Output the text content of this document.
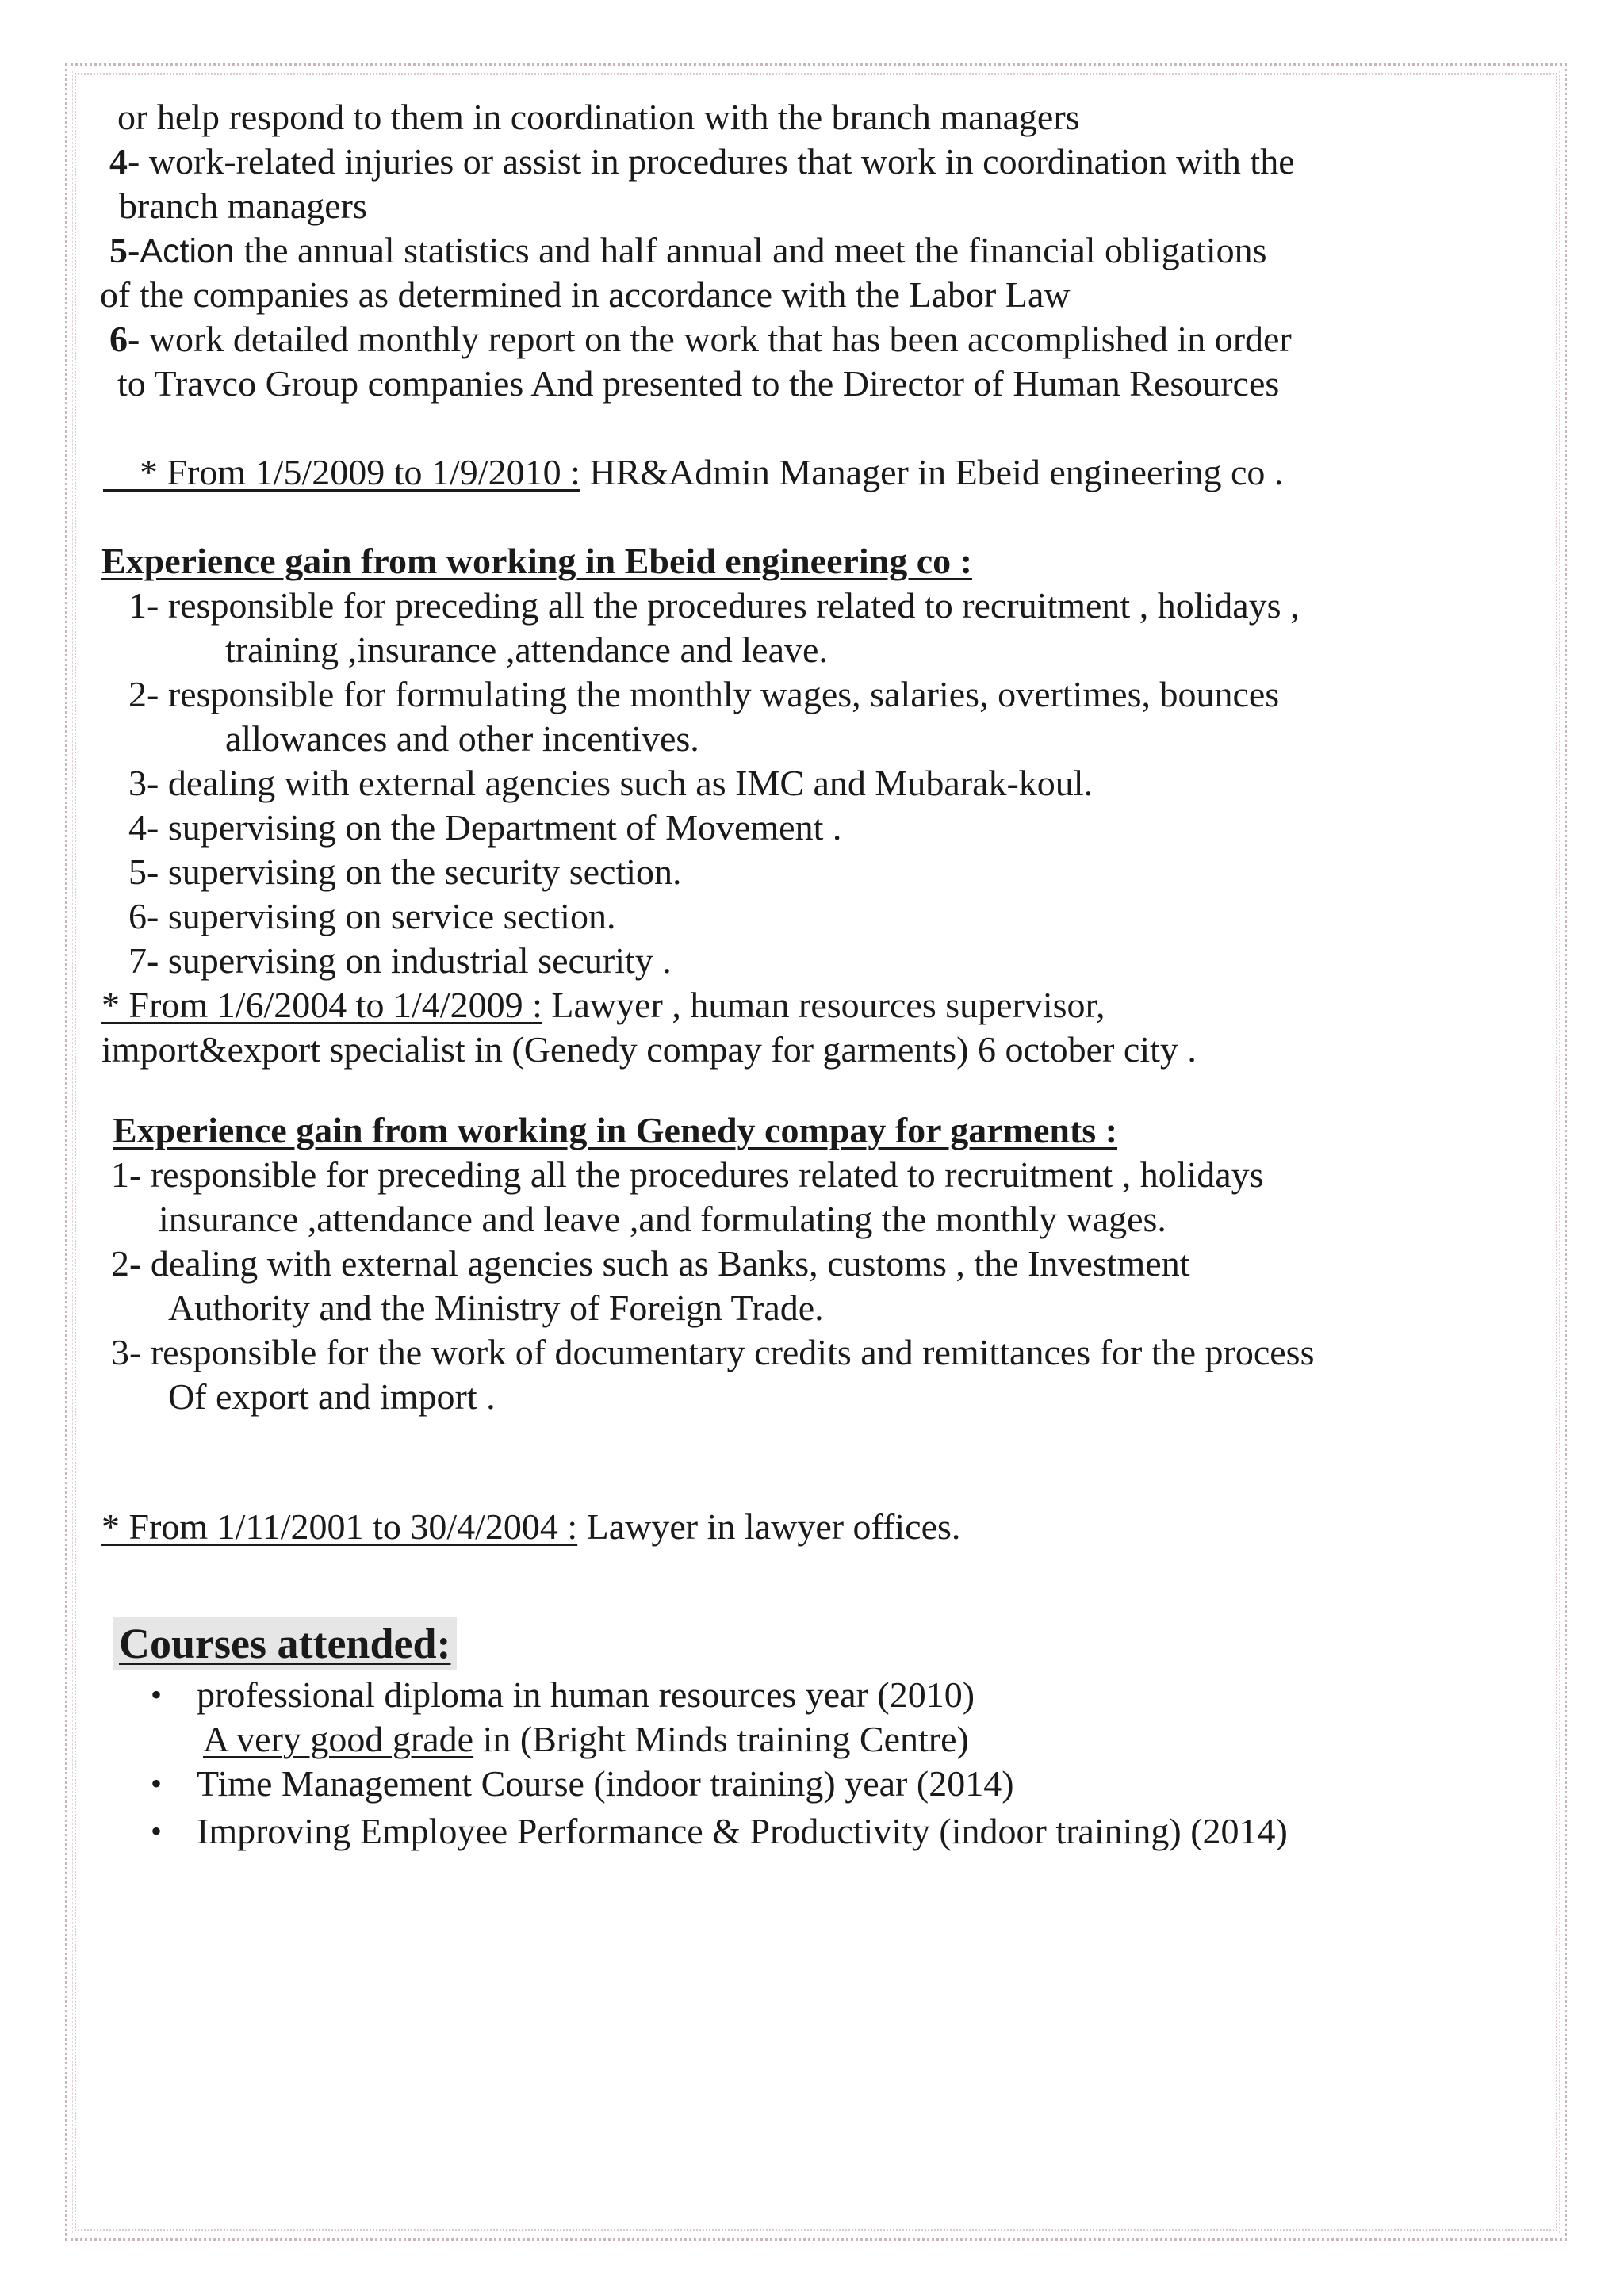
or help respond to them in coordination with the branch managers
4- work-related injuries or assist in procedures that work in coordination with the
branch managers
5-Action the annual statistics and half annual and meet the financial obligations
of the companies as determined in accordance with the Labor Law
6- work detailed monthly report on the work that has been accomplished in order
to Travco Group companies And presented to the Director of Human Resources
* From 1/5/2009 to 1/9/2010 : HR&Admin Manager in Ebeid engineering co .
Experience gain from working in Ebeid engineering co :
1- responsible for preceding all the procedures related to recruitment , holidays ,
training ,insurance ,attendance and leave.
2- responsible for formulating the monthly wages, salaries, overtimes, bounces
allowances and other incentives.
3- dealing with external agencies such as IMC and Mubarak-koul.
4- supervising on the Department of Movement .
5- supervising on the security section.
6- supervising on service section.
7- supervising on industrial security .
* From 1/6/2004 to 1/4/2009 : Lawyer , human resources supervisor,
import&export specialist in (Genedy compay for garments) 6 october city .
Experience gain from working in Genedy compay for garments :
1- responsible for preceding all the procedures related to recruitment , holidays
insurance ,attendance and leave ,and formulating the monthly wages.
2- dealing with external agencies such as Banks, customs , the Investment
Authority and the Ministry of Foreign Trade.
3- responsible for the work of documentary credits and remittances for the process
Of export and import .
* From 1/11/2001 to 30/4/2004 : Lawyer in lawyer offices.
Courses attended:
• professional diploma in human resources year (2010)
A very good grade in (Bright Minds training Centre)
• Time Management Course (indoor training) year (2014)
• Improving Employee Performance & Productivity (indoor training) (2014)
